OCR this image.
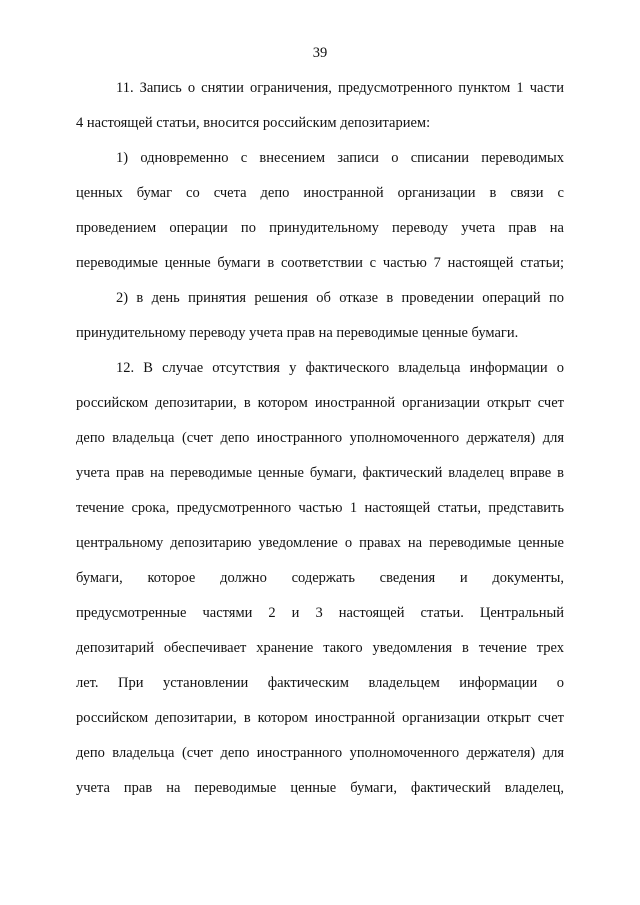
39
11. Запись о снятии ограничения, предусмотренного пунктом 1 части
4 настоящей статьи, вносится российским депозитарием:
1) одновременно с внесением записи о списании переводимых
ценных бумаг со счета депо иностранной организации в связи с
проведением операции по принудительному переводу учета прав на
переводимые ценные бумаги в соответствии с частью 7 настоящей статьи;
2) в день принятия решения об отказе в проведении операций по
принудительному переводу учета прав на переводимые ценные бумаги.
12. В случае отсутствия у фактического владельца информации о
российском депозитарии, в котором иностранной организации открыт счет
депо владельца (счет депо иностранного уполномоченного держателя) для
учета прав на переводимые ценные бумаги, фактический владелец вправе в
течение срока, предусмотренного частью 1 настоящей статьи, представить
центральному депозитарию уведомление о правах на переводимые ценные
бумаги, которое должно содержать сведения и документы,
предусмотренные частями 2 и 3 настоящей статьи. Центральный
депозитарий обеспечивает хранение такого уведомления в течение трех
лет. При установлении фактическим владельцем информации о
российском депозитарии, в котором иностранной организации открыт счет
депо владельца (счет депо иностранного уполномоченного держателя) для
учета прав на переводимые ценные бумаги, фактический владелец,
